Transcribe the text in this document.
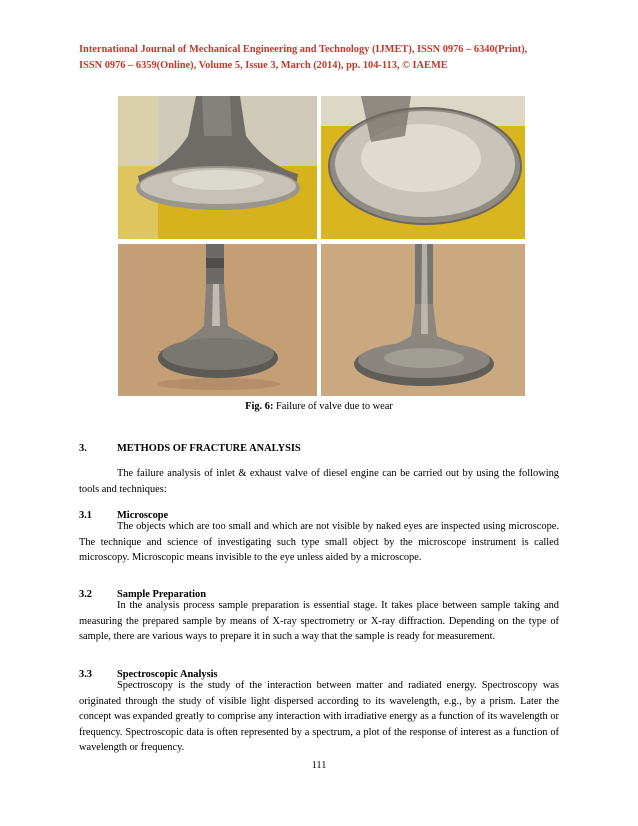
International Journal of Mechanical Engineering and Technology (IJMET), ISSN 0976 – 6340(Print),
ISSN 0976 – 6359(Online), Volume 5, Issue 3, March (2014), pp. 104-113, © IAEME
Fig. 6: Failure of valve due to wear
3.	METHODS OF FRACTURE ANALYSIS

The failure analysis of inlet & exhaust valve of diesel engine can be carried out by using the following tools and techniques:

3.1 Microscope

The objects which are too small and which are not visible by naked eyes are inspected using microscope. The technique and science of investigating such type small object by the microscope instrument is called microscopy. Microscopic means invisible to the eye unless aided by a microscope.

3.2 Sample Preparation

In the analysis process sample preparation is essential stage. It takes place between sample taking and measuring the prepared sample by means of X-ray spectrometry or X-ray diffraction. Depending on the type of sample, there are various ways to prepare it in such a way that the sample is ready for measurement.

3.3 Spectroscopic Analysis

Spectroscopy is the study of the interaction between matter and radiated energy. Spectroscopy was originated through the study of visible light dispersed according to its wavelength, e.g., by a prism. Later the concept was expanded greatly to comprise any interaction with irradiative energy as a function of its wavelength or frequency. Spectroscopic data is often represented by a spectrum, a plot of the response of interest as a function of wavelength or frequency.

111
